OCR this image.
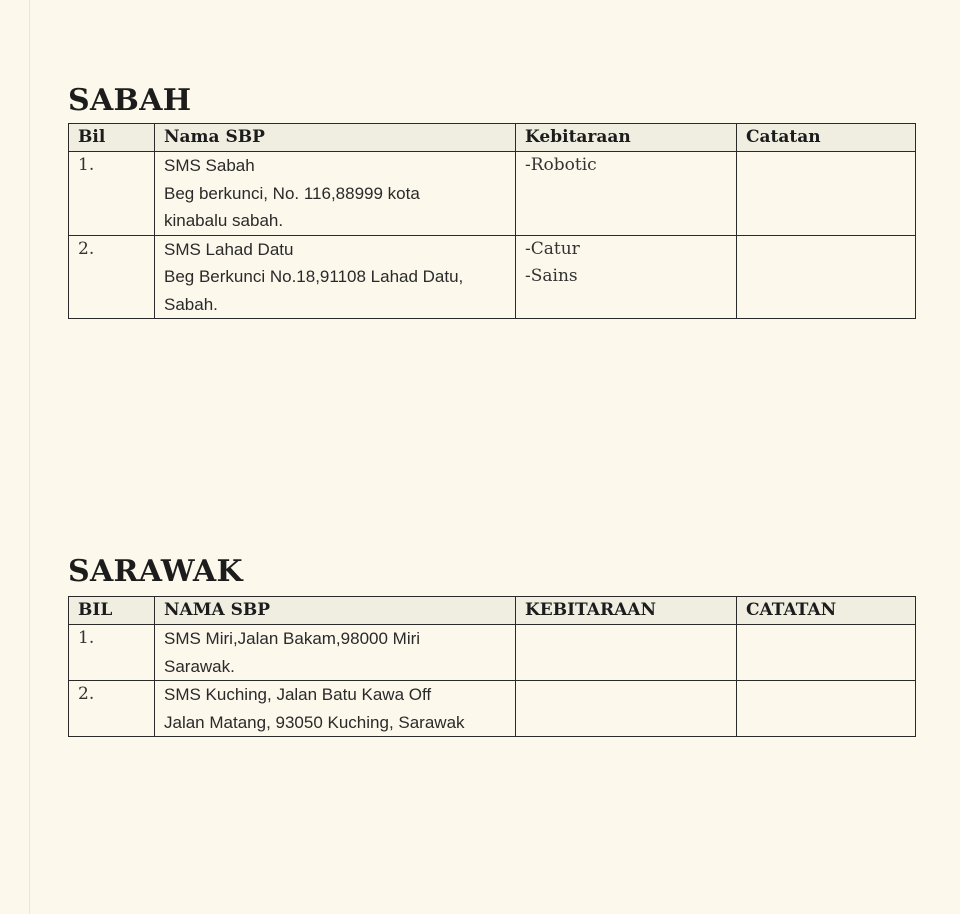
SABAH
Bil	Nama SBP	Kebitaraan	Catatan
1.	SMS Sabah
Beg berkunci, No. 116,88999 kota
kinabalu sabah.	-Robotic	

2.	SMS Lahad Datu
Beg Berkunci No.18,91108 Lahad Datu,
Sabah.	-Catur
-Sains	

SARAWAK
BIL	NAMA SBP	KEBITARAAN	CATATAN
1.	SMS Miri,Jalan Bakam,98000 Miri
Sarawak.		

2.	SMS Kuching, Jalan Batu Kawa Off
Jalan Matang, 93050 Kuching, Sarawak		
